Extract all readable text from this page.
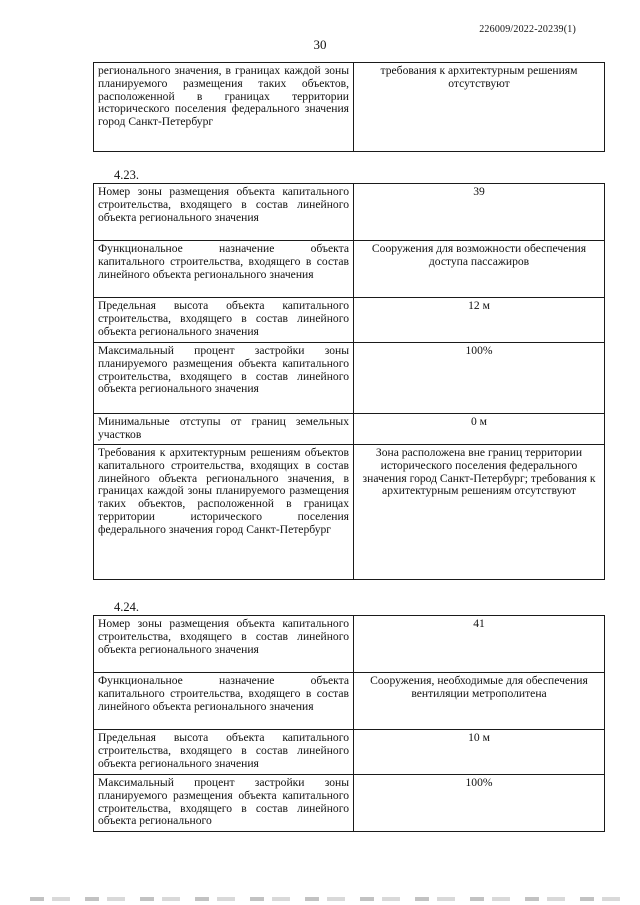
226009/2022-20239(1)
30
регионального значения, в границах каждой зоны планируемого размещения таких объектов, расположенной в границах территории исторического поселения федерального значения город Санкт-Петербург	требования к архитектурным решениям отсутствуют
4.23.
Номер зоны размещения объекта капитального строительства, входящего в состав линейного объекта регионального значения	39
Функциональное назначение объекта капитального строительства, входящего в состав линейного объекта регионального значения	Сооружения для возможности обеспечения доступа пассажиров
Предельная высота объекта капитального строительства, входящего в состав линейного объекта регионального значения	12 м
Максимальный процент застройки зоны планируемого размещения объекта капитального строительства, входящего в состав линейного объекта регионального значения	100%
Минимальные отступы от границ земельных участков	0 м
Требования к архитектурным решениям объектов капитального строительства, входящих в состав линейного объекта регионального значения, в границах каждой зоны планируемого размещения таких объектов, расположенной в границах территории исторического поселения федерального значения город Санкт-Петербург	Зона расположена вне границ территории исторического поселения федерального значения город Санкт-Петербург; требования к архитектурным решениям отсутствуют
4.24.
Номер зоны размещения объекта капитального строительства, входящего в состав линейного объекта регионального значения	41
Функциональное назначение объекта капитального строительства, входящего в состав линейного объекта регионального значения	Сооружения, необходимые для обеспечения вентиляции метрополитена
Предельная высота объекта капитального строительства, входящего в состав линейного объекта регионального значения	10 м
Максимальный процент застройки зоны планируемого размещения объекта капитального строительства, входящего в состав линейного объекта регионального	100%
